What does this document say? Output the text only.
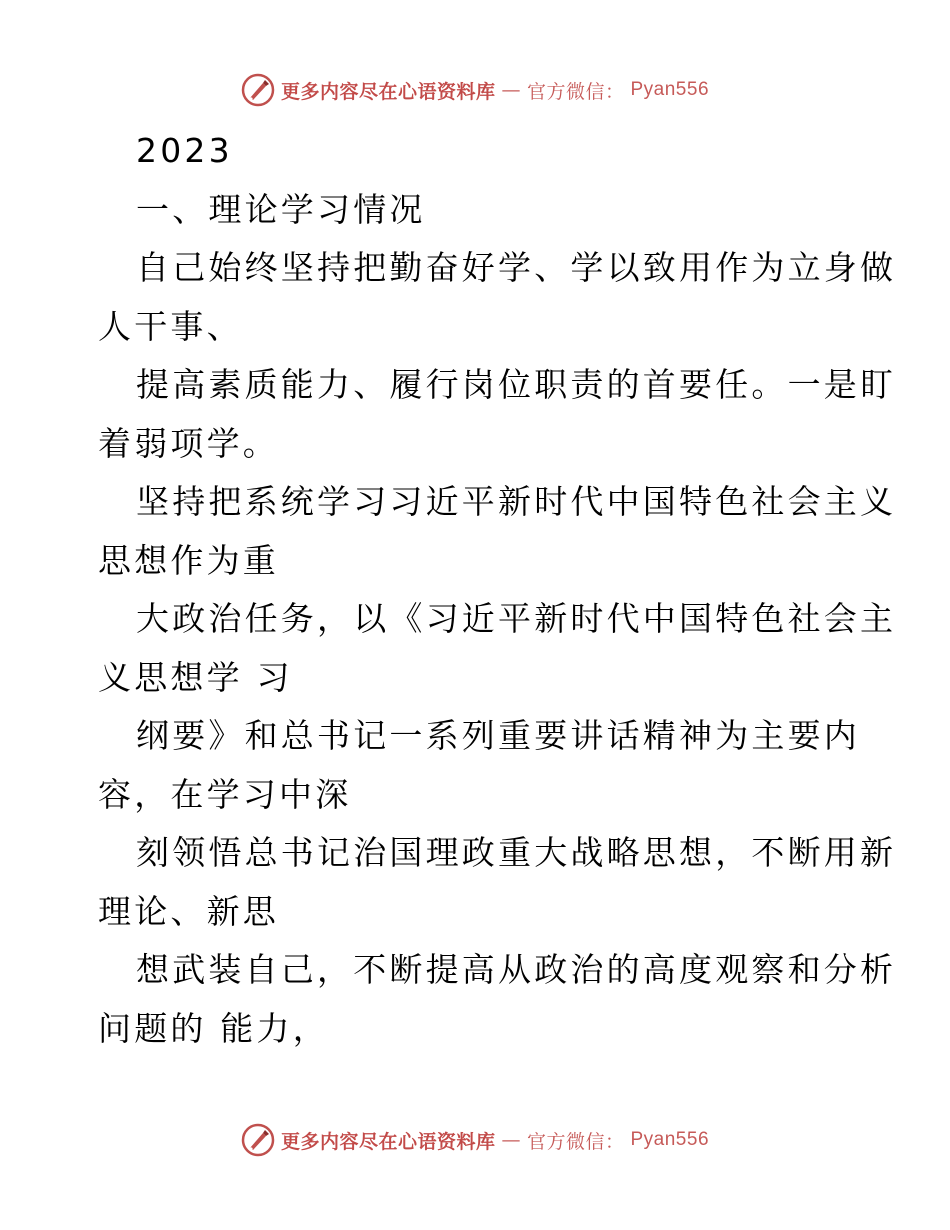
更多内容尽在心语资料库 — 官方微信： Pyan556
2023
一、理论学习情况
自己始终坚持把勤奋好学、学以致用作为立身做
人干事、
提高素质能力、履行岗位职责的首要任。一是盯
着弱项学。
坚持把系统学习习近平新时代中国特色社会主义
思想作为重
大政治任务，以《习近平新时代中国特色社会主
义思想学 习
纲要》和总书记一系列重要讲话精神为主要内
容，在学习中深
刻领悟总书记治国理政重大战略思想，不断用新
理论、新思
想武装自己，不断提高从政治的高度观察和分析
问题的 能力，
更多内容尽在心语资料库 — 官方微信： Pyan556
